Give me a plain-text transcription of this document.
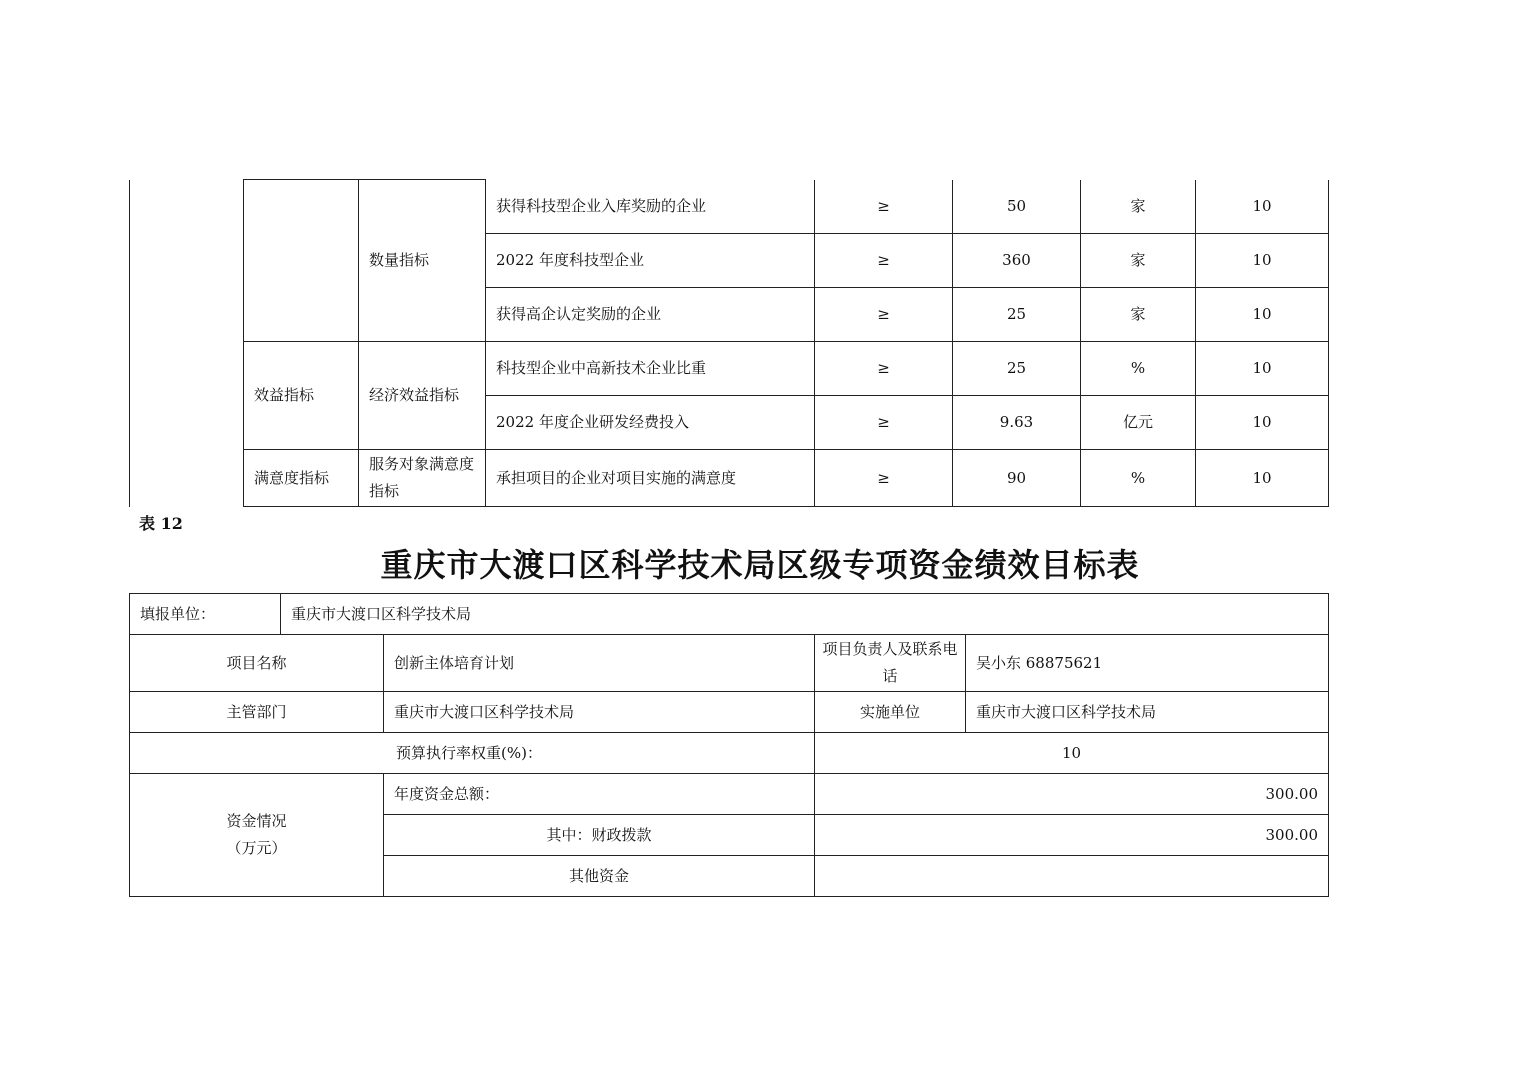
		数量指标	获得科技型企业入库奖励的企业	≥	50	家	10
			2022 年度科技型企业	≥	360	家	10
			获得高企认定奖励的企业	≥	25	家	10
	效益指标	经济效益指标	科技型企业中高新技术企业比重	≥	25	%	10
			2022 年度企业研发经费投入	≥	9.63	亿元	10
	满意度指标	服务对象满意度指标	承担项目的企业对项目实施的满意度	≥	90	%	10
表 12
重庆市大渡口区科学技术局区级专项资金绩效目标表
填报单位：	重庆市大渡口区科学技术局			
项目名称		创新主体培育计划	项目负责人及联系电话	吴小东 68875621
主管部门		重庆市大渡口区科学技术局	实施单位	重庆市大渡口区科学技术局
预算执行率权重(%)：			10	

资金情况
（万元）		年度资金总额：	300.00	
		其中：财政拨款	300.00	
		其他资金		
